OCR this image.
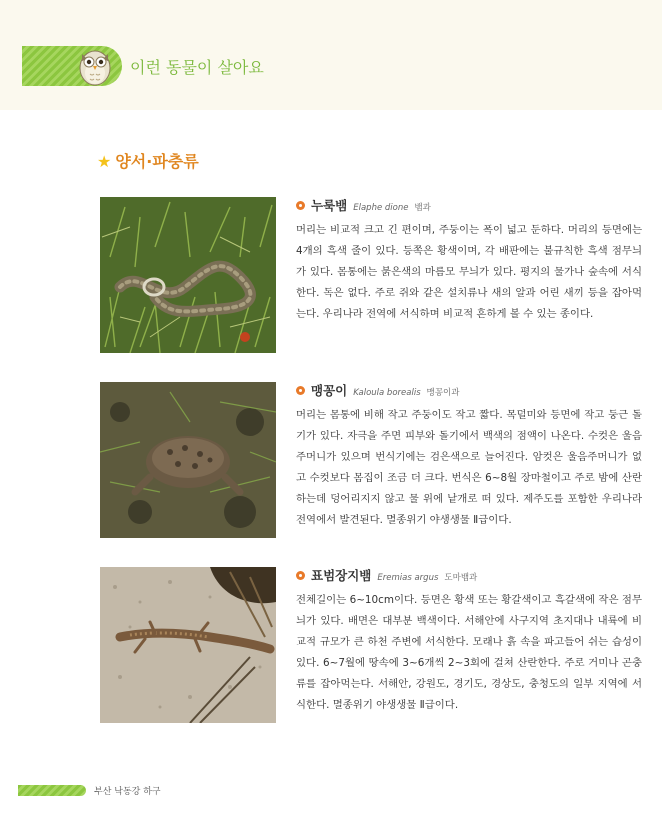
이런 동물이 살아요
★ 양서·파충류
누룩뱀 Elaphe dione 뱀과

머리는 비교적 크고 긴 편이며, 주둥이는 폭이 넓고 둔하다. 머리의 등면에는 4개의 흑색 줄이 있다. 등쪽은 황색이며, 각 배판에는 불규칙한 흑색 점무늬가 있다. 몸통에는 붉은색의 마름모 무늬가 있다. 평지의 물가나 숲속에 서식한다. 독은 없다. 주로 쥐와 같은 설치류나 새의 알과 어린 새끼 등을 잡아먹는다. 우리나라 전역에 서식하며 비교적 흔하게 볼 수 있는 종이다.

맹꽁이 Kaloula borealis 맹꽁이과

머리는 몸통에 비해 작고 주둥이도 작고 짧다. 목덜미와 등면에 작고 둥근 돌기가 있다. 자극을 주면 피부와 돌기에서 백색의 점액이 나온다. 수컷은 울음주머니가 있으며 번식기에는 검은색으로 늘어진다. 암컷은 울음주머니가 없고 수컷보다 몸집이 조금 더 크다. 번식은 6~8월 장마철이고 주로 밤에 산란하는데 덩어리지지 않고 물 위에 낱개로 떠 있다. 제주도를 포함한 우리나라 전역에서 발견된다. 멸종위기 야생생물 Ⅱ급이다.

표범장지뱀 Eremias argus 도마뱀과

전체길이는 6~10cm이다. 등면은 황색 또는 황갈색이고 흑갈색에 작은 점무늬가 있다. 배면은 대부분 백색이다. 서해안에 사구지역 초지대나 내륙에 비교적 규모가 큰 하천 주변에 서식한다. 모래나 흙 속을 파고들어 쉬는 습성이 있다. 6~7월에 땅속에 3~6개씩 2~3회에 걸쳐 산란한다. 주로 거미나 곤충류를 잡아먹는다. 서해안, 강원도, 경기도, 경상도, 충청도의 일부 지역에 서식한다. 멸종위기 야생생물 Ⅱ급이다.

부산 낙동강 하구
